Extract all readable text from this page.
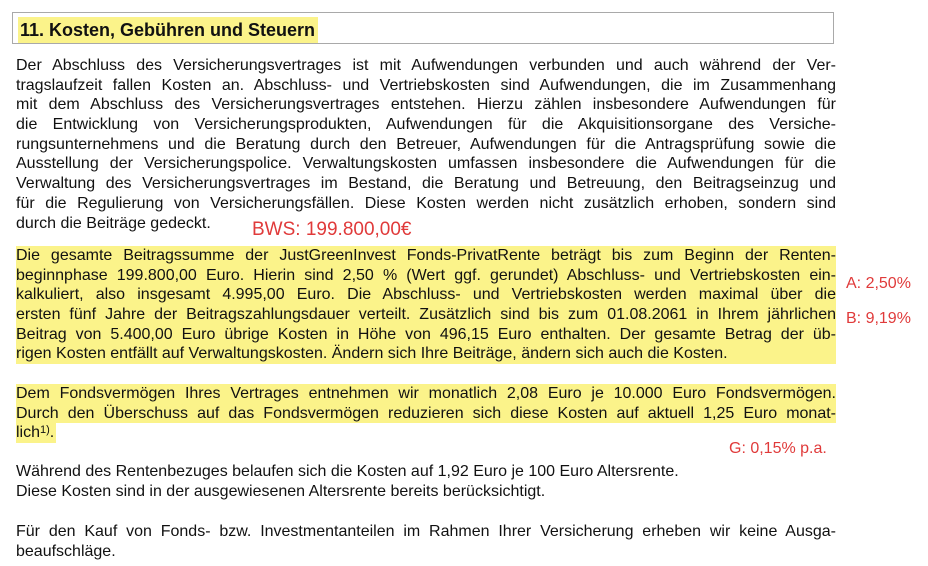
11. Kosten, Gebühren und Steuern
Der Abschluss des Versicherungsvertrages ist mit Aufwendungen verbunden und auch während der Ver-
tragslaufzeit fallen Kosten an. Abschluss- und Vertriebskosten sind Aufwendungen, die im Zusammenhang
mit dem Abschluss des Versicherungsvertrages entstehen. Hierzu zählen insbesondere Aufwendungen für
die Entwicklung von Versicherungsprodukten, Aufwendungen für die Akquisitionsorgane des Versiche-
rungsunternehmens und die Beratung durch den Betreuer, Aufwendungen für die Antragsprüfung sowie die
Ausstellung der Versicherungspolice. Verwaltungskosten umfassen insbesondere die Aufwendungen für die
Verwaltung des Versicherungsvertrages im Bestand, die Beratung und Betreuung, den Beitragseinzug und
für die Regulierung von Versicherungsfällen. Diese Kosten werden nicht zusätzlich erhoben, sondern sind
durch die Beiträge gedeckt.
Die gesamte Beitragssumme der JustGreenInvest Fonds-PrivatRente beträgt bis zum Beginn der Renten-
beginnphase 199.800,00 Euro. Hierin sind 2,50 % (Wert ggf. gerundet) Abschluss- und Vertriebskosten ein-
kalkuliert, also insgesamt 4.995,00 Euro. Die Abschluss- und Vertriebskosten werden maximal über die
ersten fünf Jahre der Beitragszahlungsdauer verteilt. Zusätzlich sind bis zum 01.08.2061 in Ihrem jährlichen
Beitrag von 5.400,00 Euro übrige Kosten in Höhe von 496,15 Euro enthalten. Der gesamte Betrag der üb-
rigen Kosten entfällt auf Verwaltungskosten. Ändern sich Ihre Beiträge, ändern sich auch die Kosten.
Dem Fondsvermögen Ihres Vertrages entnehmen wir monatlich 2,08 Euro je 10.000 Euro Fondsvermögen.
Durch den Überschuss auf das Fondsvermögen reduzieren sich diese Kosten auf aktuell 1,25 Euro monat-
lich$^{1)}$.
Während des Rentenbezuges belaufen sich die Kosten auf 1,92 Euro je 100 Euro Altersrente.
Diese Kosten sind in der ausgewiesenen Altersrente bereits berücksichtigt.
Für den Kauf von Fonds- bzw. Investmentanteilen im Rahmen Ihrer Versicherung erheben wir keine Ausga-
beaufschläge.
BWS: 199.800,00€
A: 2,50%
B: 9,19%
G: 0,15% p.a.
